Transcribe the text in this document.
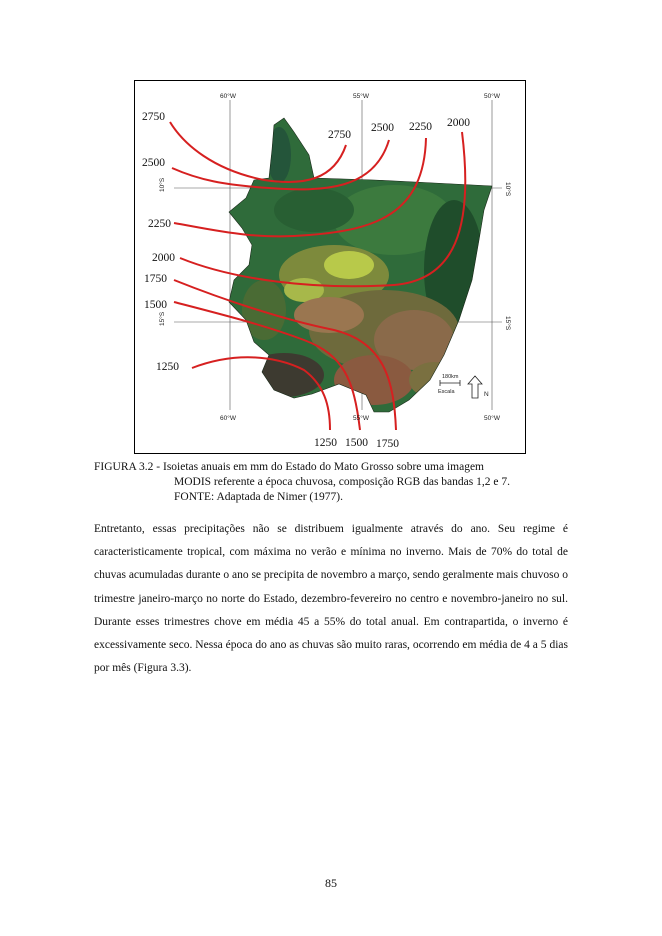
2750
2500
2250
2000
1750
1500
1250
2750
2500 2250 2000
1250 1500 1750
60°W	55°W	50°W
60°W	55°W	50°W
10°S
15°S
10°S
15°S
180km
Escala	N
FIGURA 3.2 - Isoietas anuais em mm do Estado do Mato Grosso sobre uma imagem
MODIS referente a época chuvosa, composição RGB das bandas 1,2 e 7.
FONTE: Adaptada de Nimer (1977).

Entretanto, essas precipitações não se distribuem igualmente através do ano. Seu regime é caracteristicamente tropical, com máxima no verão e mínima no inverno. Mais de 70% do total de chuvas acumuladas durante o ano se precipita de novembro a março, sendo geralmente mais chuvoso o trimestre janeiro-março no norte do Estado, dezembro-fevereiro no centro e novembro-janeiro no sul. Durante esses trimestres chove em média 45 a 55% do total anual. Em contrapartida, o inverno é excessivamente seco. Nessa época do ano as chuvas são muito raras, ocorrendo em média de 4 a 5 dias por mês (Figura 3.3).

85
